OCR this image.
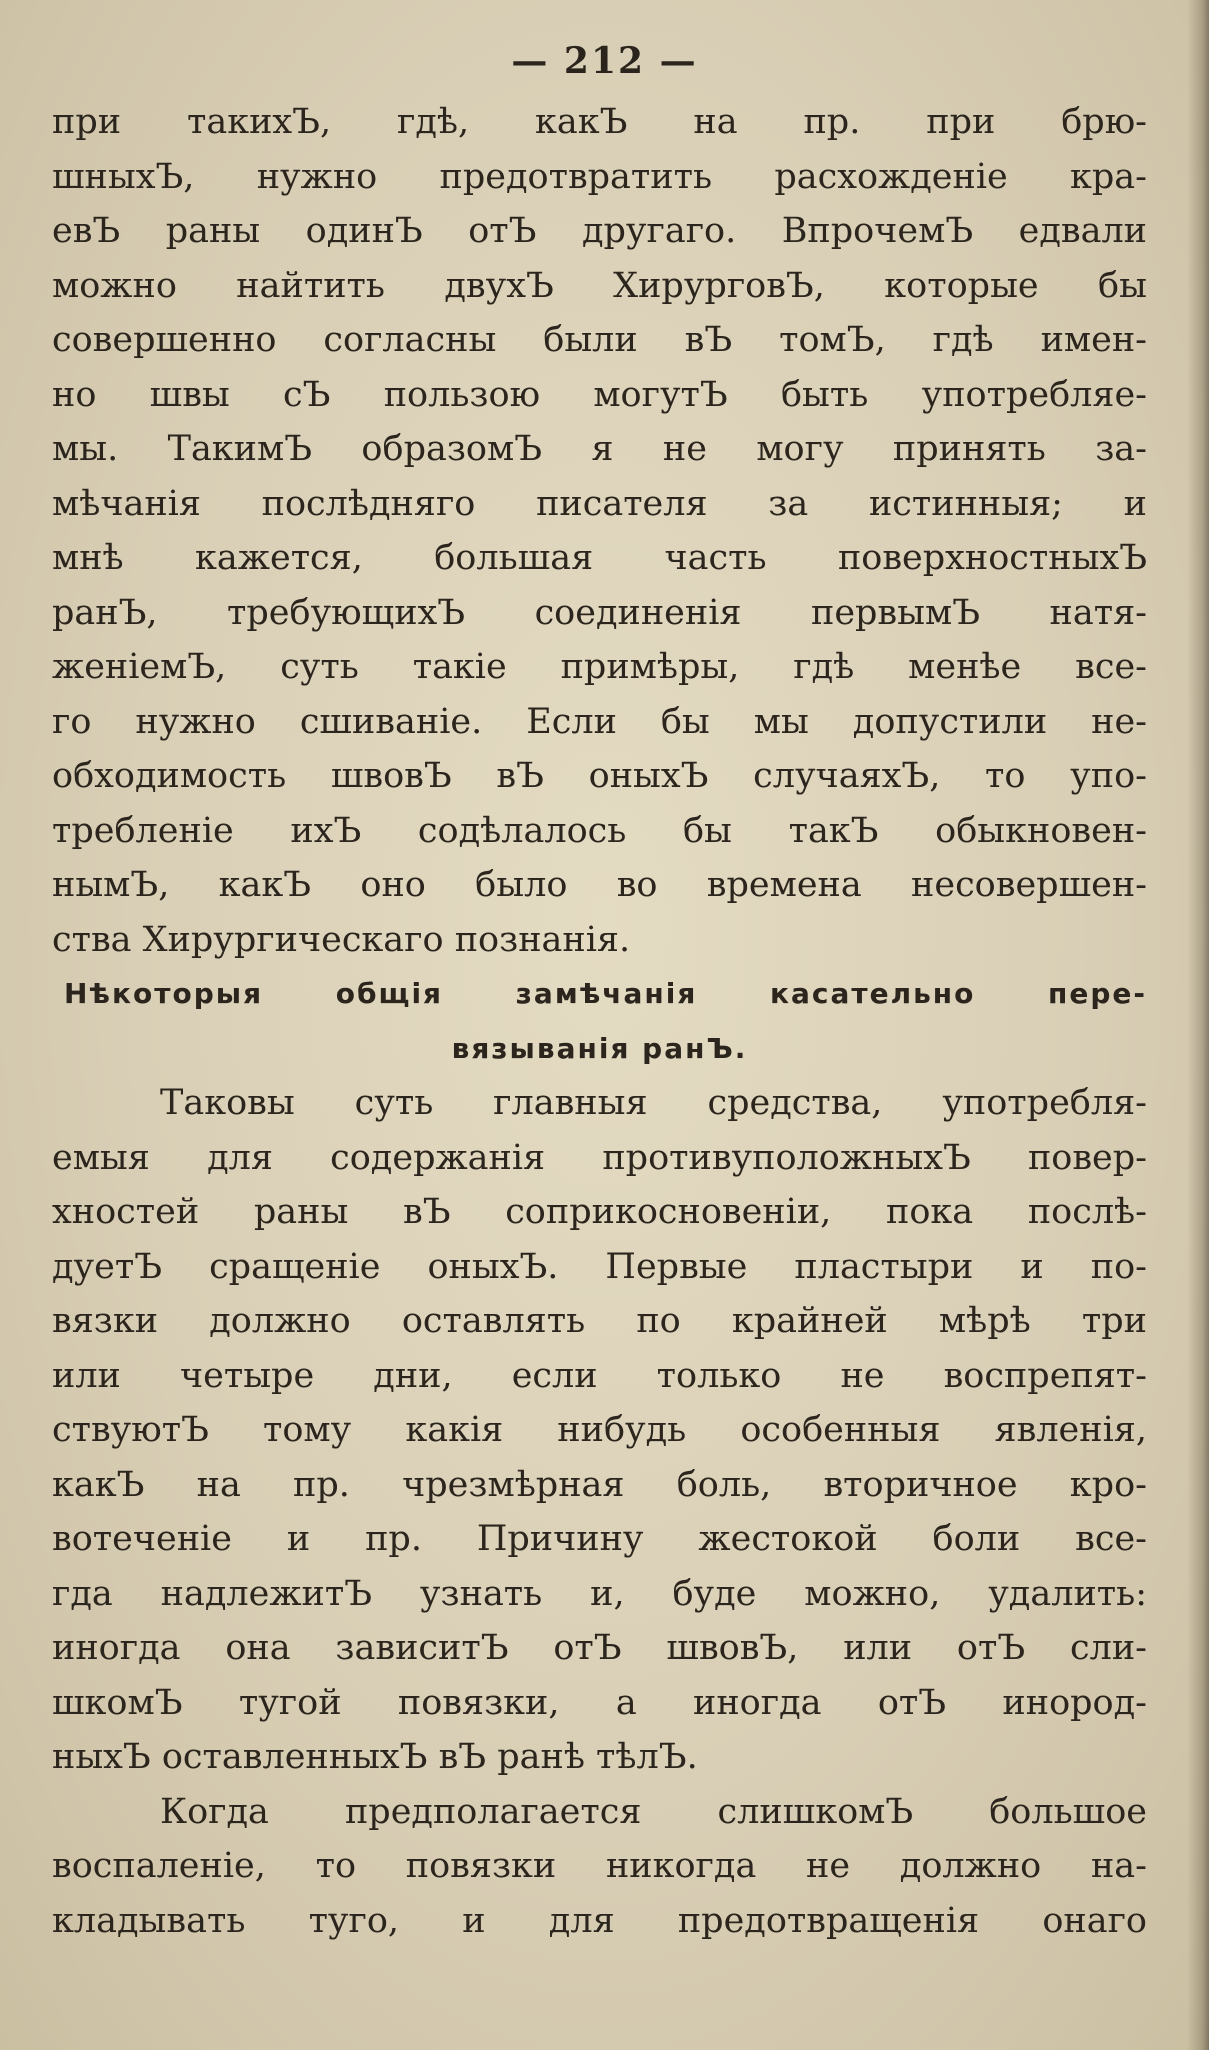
— 212 —
при такихЪ, гдѣ, какЪ на пр. при брю-
шныхЪ, нужно предотвратить расхожденіе кра-
евЪ раны одинЪ отЪ другаго. ВпрочемЪ едвали
можно найтить двухЪ ХирурговЪ, которые бы
совершенно согласны были вЪ томЪ, гдѣ имен-
но швы сЪ пользою могутЪ быть употребляе-
мы. ТакимЪ образомЪ я не могу принять за-
мѣчанія послѣдняго писателя за истинныя; и
мнѣ кажется, большая часть поверхностныхЪ
ранЪ, требующихЪ соединенія первымЪ натя-
женіемЪ, суть такіе примѣры, гдѣ менѣе все-
го нужно сшиваніе. Если бы мы допустили не-
обходимость швовЪ вЪ оныхЪ случаяхЪ, то упо-
требленіе ихЪ содѣлалось бы такЪ обыкновен-
нымЪ, какЪ оно было во времена несовершен-
ства Хирургическаго познанія.
Нѣкоторыя общія замѣчанія касательно пере-
вязыванія ранЪ.
Таковы суть главныя средства, употребля-
емыя для содержанія противуположныхЪ повер-
хностей раны вЪ соприкосновеніи, пока послѣ-
дуетЪ сращеніе оныхЪ. Первые пластыри и по-
вязки должно оставлять по крайней мѣрѣ три
или четыре дни, если только не воспрепят-
ствуютЪ тому какія нибудь особенныя явленія,
какЪ на пр. чрезмѣрная боль, вторичное кро-
вотеченіе и пр. Причину жестокой боли все-
гда надлежитЪ узнать и, буде можно, удалить:
иногда она зависитЪ отЪ швовЪ, или отЪ сли-
шкомЪ тугой повязки, а иногда отЪ инород-
ныхЪ оставленныхЪ вЪ ранѣ тѣлЪ.
Когда предполагается слишкомЪ большое
воспаленіе, то повязки никогда не должно на-
кладывать туго, и для предотвращенія онаго
